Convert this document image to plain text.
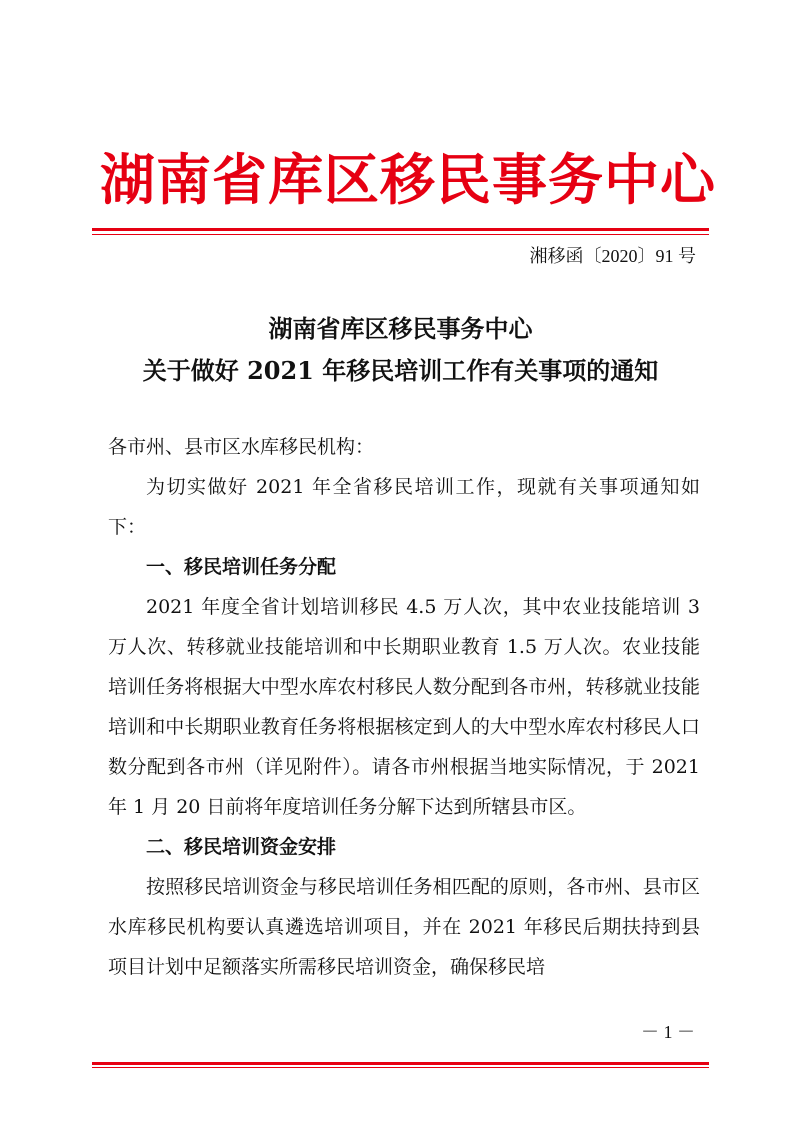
湖南省库区移民事务中心
湘移函〔2020〕91 号
湖南省库区移民事务中心
关于做好 2021 年移民培训工作有关事项的通知

各市州、县市区水库移民机构：

为切实做好 2021 年全省移民培训工作，现就有关事项通知如下：

一、移民培训任务分配

2021 年度全省计划培训移民 4.5 万人次，其中农业技能培训 3 万人次、转移就业技能培训和中长期职业教育 1.5 万人次。农业技能培训任务将根据大中型水库农村移民人数分配到各市州，转移就业技能培训和中长期职业教育任务将根据核定到人的大中型水库农村移民人口数分配到各市州（详见附件）。请各市州根据当地实际情况，于 2021 年 1 月 20 日前将年度培训任务分解下达到所辖县市区。

二、移民培训资金安排

按照移民培训资金与移民培训任务相匹配的原则，各市州、县市区水库移民机构要认真遴选培训项目，并在 2021 年移民后期扶持到县项目计划中足额落实所需移民培训资金，确保移民培

－ 1 －
